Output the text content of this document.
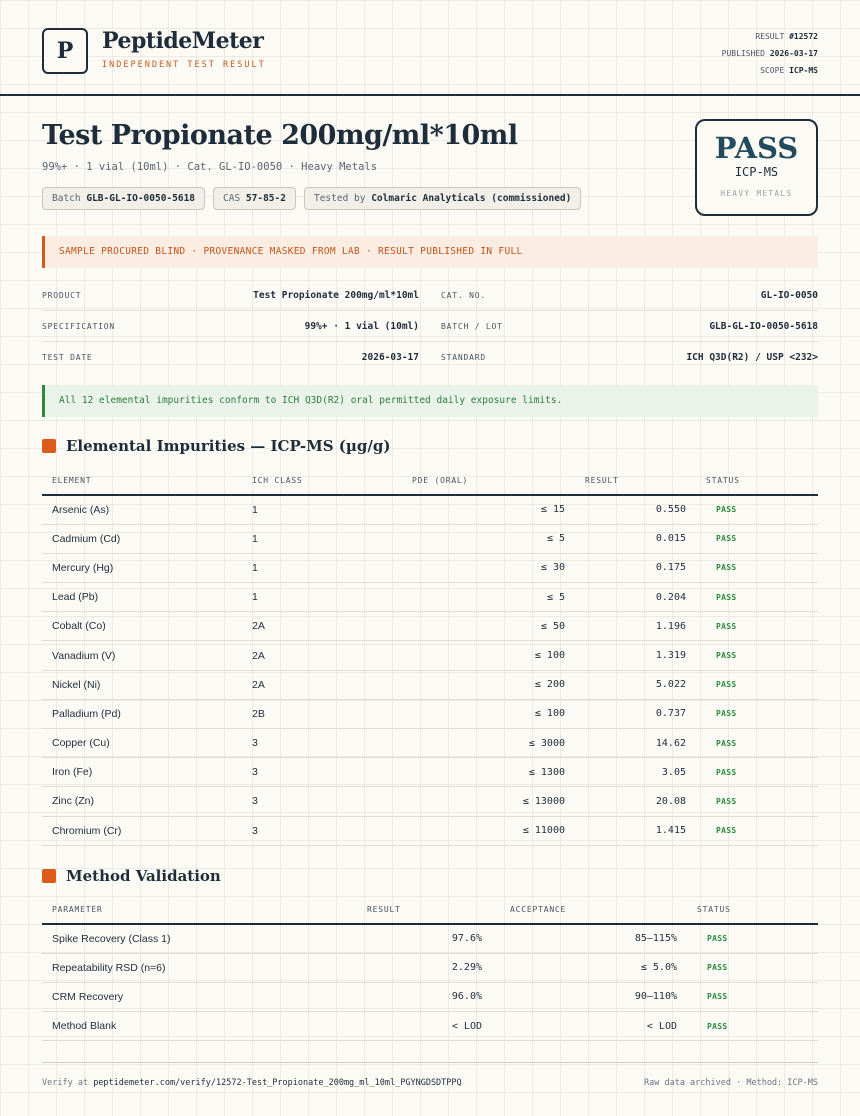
P PeptideMeter
INDEPENDENT TEST RESULT
RESULT #12572
PUBLISHED 2026-03-17
SCOPE ICP-MS
Test Propionate 200mg/ml*10ml
99%+ · 1 vial (10ml) · Cat. GL-IO-0050 · Heavy Metals
Batch GLB-GL-IO-0050-5618	CAS 57-85-2	Tested by Colmaric Analyticals (commissioned)
PASS
ICP-MS
HEAVY METALS
SAMPLE PROCURED BLIND · PROVENANCE MASKED FROM LAB · RESULT PUBLISHED IN FULL
PRODUCT	Test Propionate 200mg/ml*10ml	CAT. NO.	GL-IO-0050
SPECIFICATION	99%+ · 1 vial (10ml)	BATCH / LOT	GLB-GL-IO-0050-5618
TEST DATE	2026-03-17	STANDARD	ICH Q3D(R2) / USP <232>
All 12 elemental impurities conform to ICH Q3D(R2) oral permitted daily exposure limits.
Elemental Impurities — ICP-MS (µg/g)
ELEMENT	ICH CLASS	PDE (ORAL)	RESULT	STATUS
Arsenic (As)	1	≤ 15	0.550	PASS
Cadmium (Cd)	1	≤ 5	0.015	PASS
Mercury (Hg)	1	≤ 30	0.175	PASS
Lead (Pb)	1	≤ 5	0.204	PASS
Cobalt (Co)	2A	≤ 50	1.196	PASS
Vanadium (V)	2A	≤ 100	1.319	PASS
Nickel (Ni)	2A	≤ 200	5.022	PASS
Palladium (Pd)	2B	≤ 100	0.737	PASS
Copper (Cu)	3	≤ 3000	14.62	PASS
Iron (Fe)	3	≤ 1300	3.05	PASS
Zinc (Zn)	3	≤ 13000	20.08	PASS
Chromium (Cr)	3	≤ 11000	1.415	PASS
Method Validation
PARAMETER	RESULT	ACCEPTANCE	STATUS
Spike Recovery (Class 1)	97.6%	85–115%	PASS
Repeatability RSD (n=6)	2.29%	≤ 5.0%	PASS
CRM Recovery	96.0%	90–110%	PASS
Method Blank	< LOD	< LOD	PASS
Verify at peptidemeter.com/verify/12572-Test_Propionate_200mg_ml_10ml_PGYNGDSDTPPQ	Raw data archived · Method: ICP-MS
